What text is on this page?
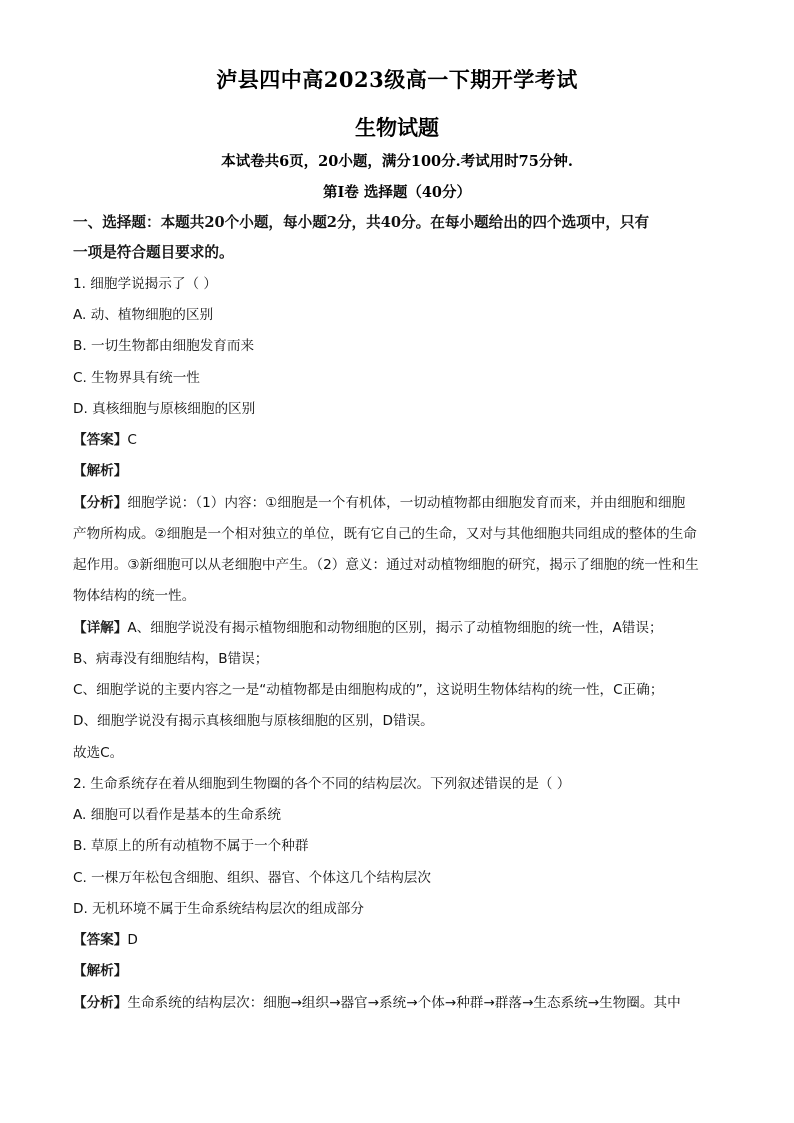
泸县四中高2023级高一下期开学考试
生物试题
本试卷共6页，20小题，满分100分.考试用时75分钟.
第Ⅰ卷 选择题（40分）
一、选择题：本题共20个小题，每小题2分，共40分。在每小题给出的四个选项中，只有
一项是符合题目要求的。
1. 细胞学说揭示了（ ）
A. 动、植物细胞的区别
B. 一切生物都由细胞发育而来
C. 生物界具有统一性
D. 真核细胞与原核细胞的区别
【答案】C
【解析】
【分析】细胞学说：（1）内容：①细胞是一个有机体，一切动植物都由细胞发育而来，并由细胞和细胞
产物所构成。②细胞是一个相对独立的单位，既有它自己的生命，又对与其他细胞共同组成的整体的生命
起作用。③新细胞可以从老细胞中产生。（2）意义：通过对动植物细胞的研究，揭示了细胞的统一性和生
物体结构的统一性。
【详解】A、细胞学说没有揭示植物细胞和动物细胞的区别，揭示了动植物细胞的统一性，A错误；
B、病毒没有细胞结构，B错误；
C、细胞学说的主要内容之一是“动植物都是由细胞构成的”，这说明生物体结构的统一性，C正确；
D、细胞学说没有揭示真核细胞与原核细胞的区别，D错误。
故选C。
2. 生命系统存在着从细胞到生物圈的各个不同的结构层次。下列叙述错误的是（ ）
A. 细胞可以看作是基本的生命系统
B. 草原上的所有动植物不属于一个种群
C. 一棵万年松包含细胞、组织、器官、个体这几个结构层次
D. 无机环境不属于生命系统结构层次的组成部分
【答案】D
【解析】
【分析】生命系统的结构层次：细胞→组织→器官→系统→个体→种群→群落→生态系统→生物圈。其中
